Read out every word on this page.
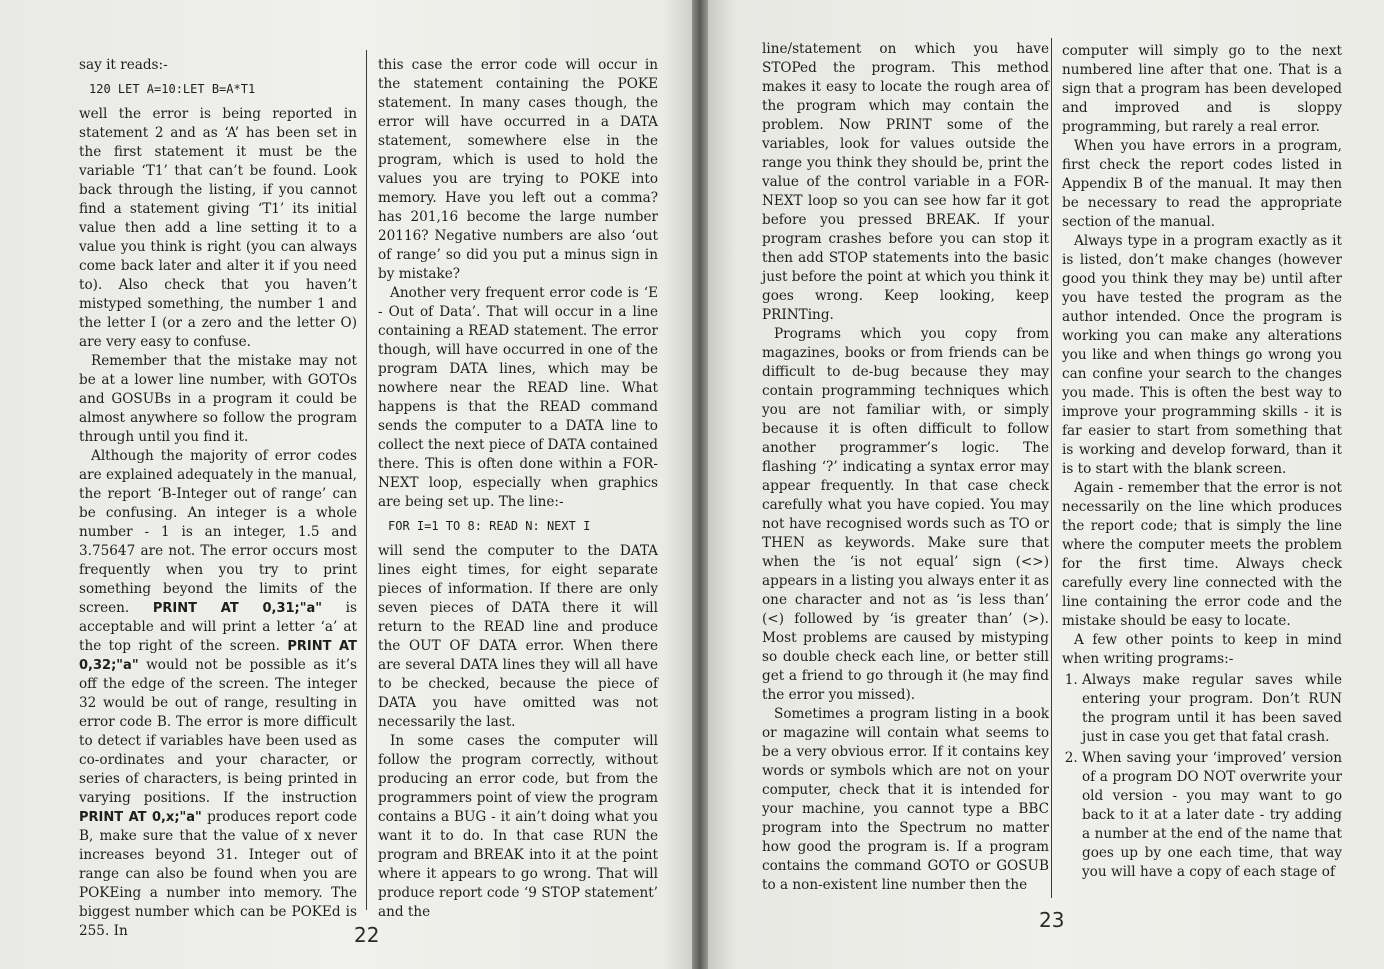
say it reads:-

120 LET A=10:LET B=A*T1

well the error is being reported in statement 2 and as ‘A’ has been set in the first statement it must be the variable ‘T1’ that can’t be found. Look back through the listing, if you cannot find a statement giving ‘T1’ its initial value then add a line setting it to a value you think is right (you can always come back later and alter it if you need to). Also check that you haven’t mistyped something, the number 1 and the letter I (or a zero and the letter O) are very easy to confuse.

Remember that the mistake may not be at a lower line number, with GOTOs and GOSUBs in a program it could be almost anywhere so follow the program through until you find it.

Although the majority of error codes are explained adequately in the manual, the report ‘B-Integer out of range’ can be confusing. An integer is a whole number - 1 is an integer, 1.5 and 3.75647 are not. The error occurs most frequently when you try to print something beyond the limits of the screen. PRINT AT 0,31;"a" is acceptable and will print a letter ‘a’ at the top right of the screen. PRINT AT 0,32;"a" would not be possible as it’s off the edge of the screen. The integer 32 would be out of range, resulting in error code B. The error is more difficult to detect if variables have been used as co-ordinates and your character, or series of characters, is being printed in varying positions. If the instruction PRINT AT 0,x;"a" produces report code B, make sure that the value of x never increases beyond 31. Integer out of range can also be found when you are POKEing a number into memory. The biggest number which can be POKEd is 255. In

this case the error code will occur in the statement containing the POKE statement. In many cases though, the error will have occurred in a DATA statement, somewhere else in the program, which is used to hold the values you are trying to POKE into memory. Have you left out a comma? has 201,16 become the large number 20116? Negative numbers are also ‘out of range’ so did you put a minus sign in by mistake?

Another very frequent error code is ‘E - Out of Data’. That will occur in a line containing a READ statement. The error though, will have occurred in one of the program DATA lines, which may be nowhere near the READ line. What happens is that the READ command sends the computer to a DATA line to collect the next piece of DATA contained there. This is often done within a FOR-NEXT loop, especially when graphics are being set up. The line:-

FOR I=1 TO 8: READ N: NEXT I

will send the computer to the DATA lines eight times, for eight separate pieces of information. If there are only seven pieces of DATA there it will return to the READ line and produce the OUT OF DATA error. When there are several DATA lines they will all have to be checked, because the piece of DATA you have omitted was not necessarily the last.

In some cases the computer will follow the program correctly, without producing an error code, but from the programmers point of view the program contains a BUG - it ain’t doing what you want it to do. In that case RUN the program and BREAK into it at the point where it appears to go wrong. That will produce report code ‘9 STOP statement’ and the

22

line/statement on which you have STOPed the program. This method makes it easy to locate the rough area of the program which may contain the problem. Now PRINT some of the variables, look for values outside the range you think they should be, print the value of the control variable in a FOR-NEXT loop so you can see how far it got before you pressed BREAK. If your program crashes before you can stop it then add STOP statements into the basic just before the point at which you think it goes wrong. Keep looking, keep PRINTing.

Programs which you copy from magazines, books or from friends can be difficult to de-bug because they may contain programming techniques which you are not familiar with, or simply because it is often difficult to follow another programmer’s logic. The flashing ‘?’ indicating a syntax error may appear frequently. In that case check carefully what you have copied. You may not have recognised words such as TO or THEN as keywords. Make sure that when the ‘is not equal’ sign (<>) appears in a listing you always enter it as one character and not as ‘is less than’ (<) followed by ‘is greater than’ (>). Most problems are caused by mistyping so double check each line, or better still get a friend to go through it (he may find the error you missed).

Sometimes a program listing in a book or magazine will contain what seems to be a very obvious error. If it contains key words or symbols which are not on your computer, check that it is intended for your machine, you cannot type a BBC program into the Spectrum no matter how good the program is. If a program contains the command GOTO or GOSUB to a non-existent line number then the

computer will simply go to the next numbered line after that one. That is a sign that a program has been developed and improved and is sloppy programming, but rarely a real error.

When you have errors in a program, first check the report codes listed in Appendix B of the manual. It may then be necessary to read the appropriate section of the manual.

Always type in a program exactly as it is listed, don’t make changes (however good you think they may be) until after you have tested the program as the author intended. Once the program is working you can make any alterations you like and when things go wrong you can confine your search to the changes you made. This is often the best way to improve your programming skills - it is far easier to start from something that is working and develop forward, than it is to start with the blank screen.

Again - remember that the error is not necessarily on the line which produces the report code; that is simply the line where the computer meets the problem for the first time. Always check carefully every line connected with the line containing the error code and the mistake should be easy to locate.

A few other points to keep in mind when writing programs:-

1. Always make regular saves while entering your program. Don’t RUN the program until it has been saved just in case you get that fatal crash.
2. When saving your ‘improved’ version of a program DO NOT overwrite your old version - you may want to go back to it at a later date - try adding a number at the end of the name that goes up by one each time, that way you will have a copy of each stage of
23
